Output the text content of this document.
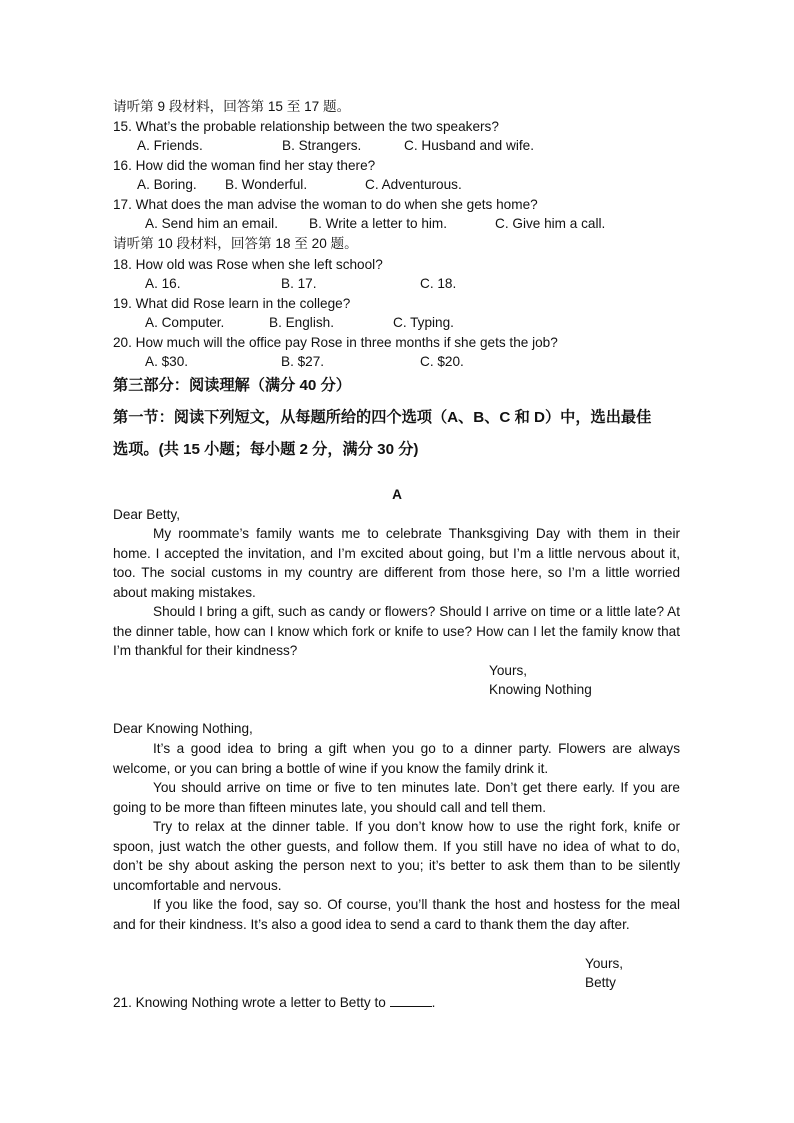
请听第 9 段材料，回答第 15 至 17 题。
15. What’s the probable relationship between the two speakers?
A. Friends.	B. Strangers.	C. Husband and wife.
16. How did the woman find her stay there?
A. Boring. B. Wonderful.	C. Adventurous.
17. What does the man advise the woman to do when she gets home?
A. Send him an email. B. Write a letter to him.	C. Give him a call.
请听第 10 段材料，回答第 18 至 20 题。
18. How old was Rose when she left school?
A. 16.	B. 17.	C. 18.
19. What did Rose learn in the college?
A. Computer.	B. English.	C. Typing.
20. How much will the office pay Rose in three months if she gets the job?
A. $30.	B. $27.	C. $20.
第三部分：阅读理解（满分 40 分）
第一节：阅读下列短文，从每题所给的四个选项（A、B、C 和 D）中，选出最佳
选项。(共 15 小题；每小题 2 分，满分 30 分)
A
Dear Betty,
My roommate’s family wants me to celebrate Thanksgiving Day with them in their home. I accepted the invitation, and I’m excited about going, but I’m a little nervous about it, too. The social customs in my country are different from those here, so I’m a little worried about making mistakes.
Should I bring a gift, such as candy or flowers? Should I arrive on time or a little late? At the dinner table, how can I know which fork or knife to use? How can I let the family know that I’m thankful for their kindness?
Yours,
Knowing Nothing
Dear Knowing Nothing,
It’s a good idea to bring a gift when you go to a dinner party. Flowers are always welcome, or you can bring a bottle of wine if you know the family drink it.
You should arrive on time or five to ten minutes late. Don’t get there early. If you are going to be more than fifteen minutes late, you should call and tell them.
Try to relax at the dinner table. If you don’t know how to use the right fork, knife or spoon, just watch the other guests, and follow them. If you still have no idea of what to do, don’t be shy about asking the person next to you; it’s better to ask them than to be silently uncomfortable and nervous.
If you like the food, say so. Of course, you’ll thank the host and hostess for the meal and for their kindness. It’s also a good idea to send a card to thank them the day after.
Yours,
Betty
21. Knowing Nothing wrote a letter to Betty to	.
